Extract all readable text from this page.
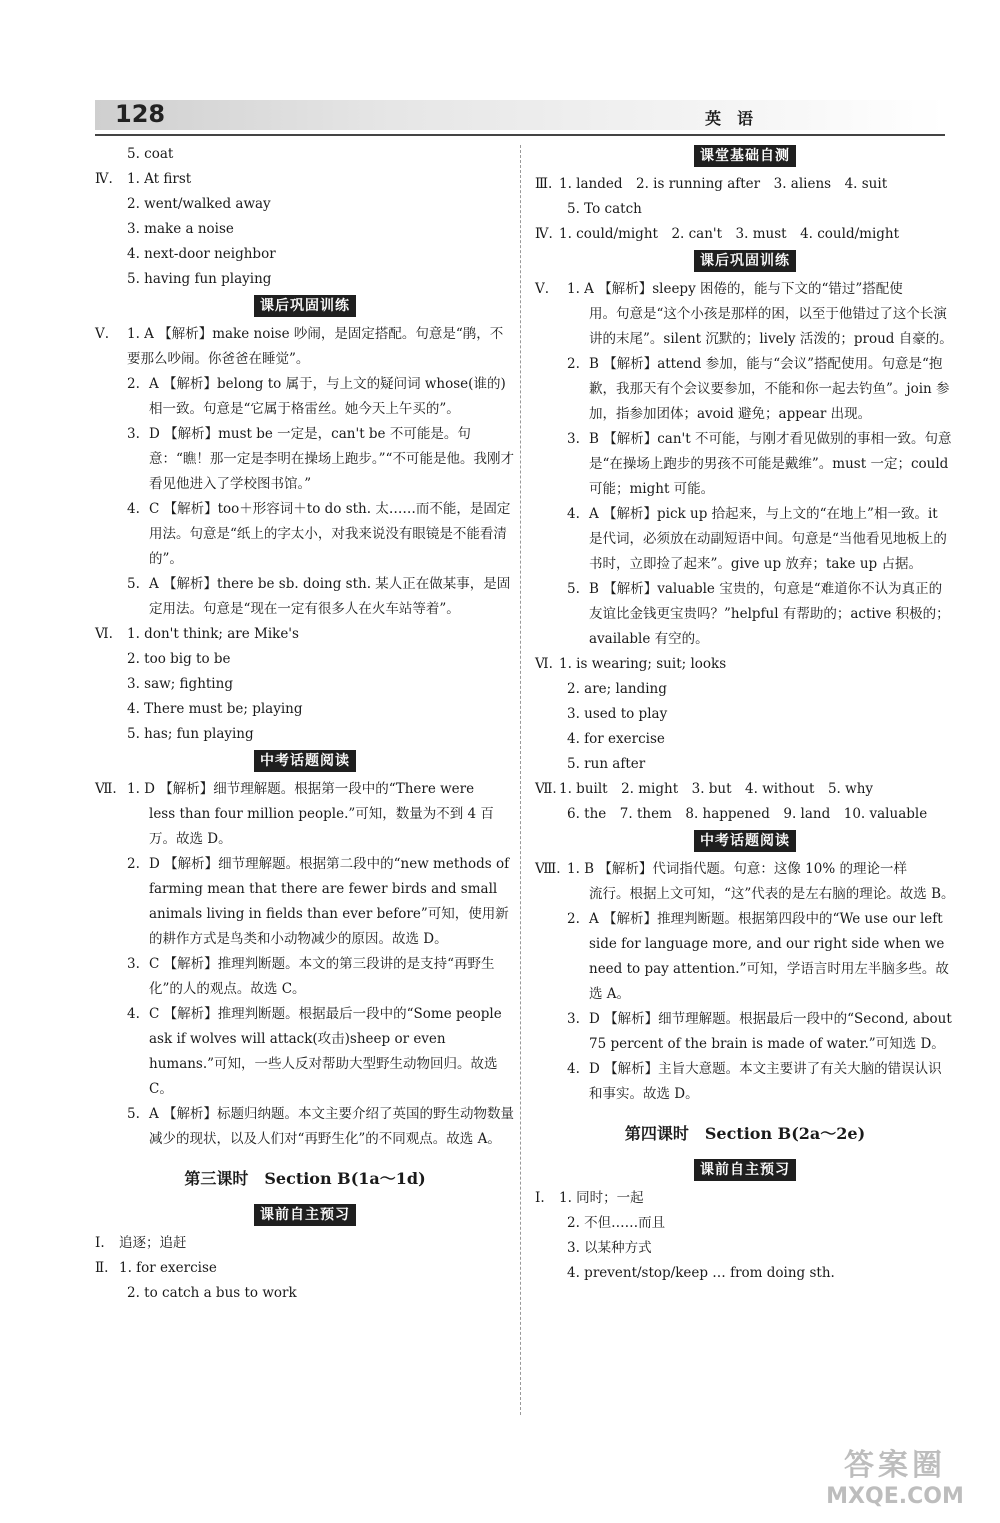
128	英语
5. coat
Ⅳ. 1. At first
2. went/walked away
3. make a noise
4. next-door neighbor
5. having fun playing
课后巩固训练
Ⅴ. 1. A 【解析】make noise 吵闹，是固定搭配。句意是“鹃，不要那么吵闹。你爸爸在睡觉”。
2. A 【解析】belong to 属于，与上文的疑问词 whose(谁的)相一致。句意是“它属于格雷丝。她今天上午买的”。
3. D 【解析】must be 一定是，can't be 不可能是。句意：“瞧！那一定是李明在操场上跑步。”“不可能是他。我刚才看见他进入了学校图书馆。”
4. C 【解析】too＋形容词＋to do sth. 太……而不能，是固定用法。句意是“纸上的字太小，对我来说没有眼镜是不能看清的”。
5. A 【解析】there be sb. doing sth. 某人正在做某事，是固定用法。句意是“现在一定有很多人在火车站等着”。
Ⅵ. 1. don't think; are Mike's
2. too big to be
3. saw; fighting
4. There must be; playing
5. has; fun playing
中考话题阅读
Ⅶ. 1. D 【解析】细节理解题。根据第一段中的“There were
less than four million people.”可知，数量为不到 4 百万。故选 D。
2. D 【解析】细节理解题。根据第二段中的“new methods of farming mean that there are fewer birds and small animals living in fields than ever before”可知，使用新的耕作方式是鸟类和小动物减少的原因。故选 D。
3. C 【解析】推理判断题。本文的第三段讲的是支持“再野生化”的人的观点。故选 C。
4. C 【解析】推理判断题。根据最后一段中的“Some people ask if wolves will attack(攻击)sheep or even humans.”可知，一些人反对帮助大型野生动物回归。故选 C。
5. A 【解析】标题归纳题。本文主要介绍了英国的野生动物数量减少的现状，以及人们对“再野生化”的不同观点。故选 A。
第三课时　Section B(1a～1d)
课前自主预习
Ⅰ. 追逐；追赶
Ⅱ. 1. for exercise
2. to catch a bus to work
课堂基础自测
Ⅲ. 1. landed　2. is running after　3. aliens　4. suit
5. To catch
Ⅳ. 1. could/might　2. can't　3. must　4. could/might
课后巩固训练
Ⅴ. 1. A 【解析】sleepy 困倦的，能与下文的“错过”搭配使
用。句意是“这个小孩是那样的困，以至于他错过了这个长演讲的末尾”。silent 沉默的；lively 活泼的；proud 自豪的。
2. B 【解析】attend 参加，能与“会议”搭配使用。句意是“抱歉，我那天有个会议要参加，不能和你一起去钓鱼”。join 参加，指参加团体；avoid 避免；appear 出现。
3. B 【解析】can't 不可能，与刚才看见做别的事相一致。句意是“在操场上跑步的男孩不可能是戴维”。must 一定；could 可能；might 可能。
4. A 【解析】pick up 拾起来，与上文的“在地上”相一致。it 是代词，必须放在动副短语中间。句意是“当他看见地板上的书时，立即捡了起来”。give up 放弃；take up 占据。
5. B 【解析】valuable 宝贵的，句意是“难道你不认为真正的友谊比金钱更宝贵吗？”helpful 有帮助的；active 积极的；available 有空的。
Ⅵ. 1. is wearing; suit; looks
2. are; landing
3. used to play
4. for exercise
5. run after
Ⅶ. 1. built　2. might　3. but　4. without　5. why
6. the　7. them　8. happened　9. land　10. valuable
中考话题阅读
Ⅷ. 1. B 【解析】代词指代题。句意：这像 10% 的理论一样
流行。根据上文可知，“这”代表的是左右脑的理论。故选 B。
2. A 【解析】推理判断题。根据第四段中的“We use our left side for language more, and our right side when we need to pay attention.”可知，学语言时用左半脑多些。故选 A。
3. D 【解析】细节理解题。根据最后一段中的“Second, about 75 percent of the brain is made of water.”可知选 D。
4. D 【解析】主旨大意题。本文主要讲了有关大脑的错误认识和事实。故选 D。
第四课时　Section B(2a～2e)
课前自主预习
Ⅰ. 1. 同时；一起
2. 不但……而且
3. 以某种方式
4. prevent/stop/keep … from doing sth.
答案圈
MXQE.COM
